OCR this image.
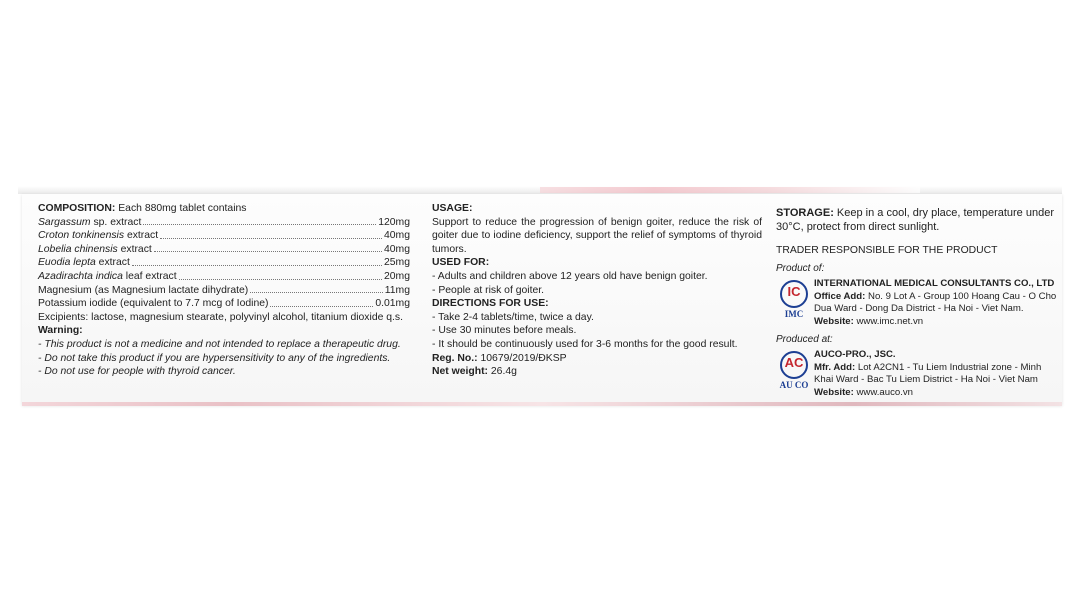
COMPOSITION: Each 880mg tablet contains
Sargassum sp. extract	120mg
Croton tonkinensis extract	40mg
Lobelia chinensis extract	40mg
Euodia lepta extract	25mg
Azadirachta indica leaf extract	20mg
Magnesium (as Magnesium lactate dihydrate)	11mg
Potassium iodide (equivalent to 7.7 mcg of Iodine)	0.01mg
Excipients: lactose, magnesium stearate, polyvinyl alcohol, titanium dioxide q.s.
Warning:
- This product is not a medicine and not intended to replace a therapeutic drug.
- Do not take this product if you are hypersensitivity to any of the ingredients.
- Do not use for people with thyroid cancer.
USAGE:
Support to reduce the progression of benign goiter, reduce the risk of goiter due to iodine deficiency, support the relief of symptoms of thyroid tumors.
USED FOR:
- Adults and children above 12 years old have benign goiter.
- People at risk of goiter.
DIRECTIONS FOR USE:
- Take 2-4 tablets/time, twice a day.
- Use 30 minutes before meals.
- It should be continuously used for 3-6 months for the good result.
Reg. No.: 10679/2019/ĐKSP
Net weight: 26.4g
STORAGE: Keep in a cool, dry place, temperature under 30°C, protect from direct sunlight.
TRADER RESPONSIBLE FOR THE PRODUCT
Product of:
IC
IMC
INTERNATIONAL MEDICAL CONSULTANTS CO., LTD
Office Add: No. 9 Lot A - Group 100 Hoang Cau - O Cho Dua Ward - Dong Da District - Ha Noi - Viet Nam.
Website: www.imc.net.vn
Produced at:
AC
AU CO
AUCO-PRO., JSC.
Mfr. Add: Lot A2CN1 - Tu Liem Industrial zone - Minh Khai Ward - Bac Tu Liem District - Ha Noi - Viet Nam
Website: www.auco.vn
